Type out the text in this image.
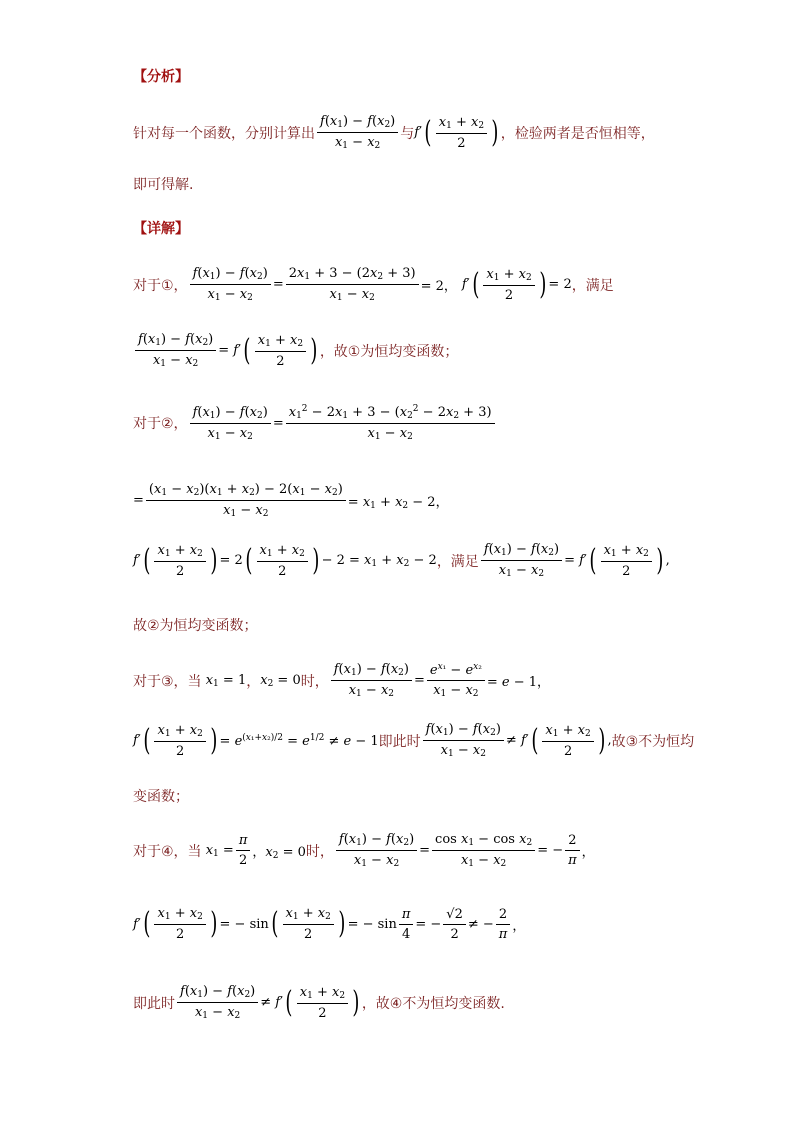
【分析】
针对每一个函数，分别计算出 $\frac{f(x_1) - f(x_2)}{x_1 - x_2}$ 与 f′ ( $\frac{x_1 + x_2}{2}$ ) ，检验两者是否恒相等，
即可得解.
【详解】
对于①， $\frac{f(x_1) - f(x_2)}{x_1 - x_2} = \frac{2x_1 + 3 - (2x_2 + 3)}{x_1 - x_2} = 2$， f′ ( $\frac{x_1 + x_2}{2}$ ) = 2 ，满足
$\frac{f(x_1) - f(x_2)}{x_1 - x_2} = f'$ ( $\frac{x_1 + x_2}{2}$ ) ，故①为恒均变函数；
对于②， $\frac{f(x_1) - f(x_2)}{x_1 - x_2} = \frac{x_1^2 - 2x_1 + 3 - (x_2^2 - 2x_2 + 3)}{x_1 - x_2}$
= $\frac{(x_1 - x_2)(x_1 + x_2) - 2(x_1 - x_2)}{x_1 - x_2} = x_1 + x_2 - 2$，
f′ ( $\frac{x_1 + x_2}{2}$ ) = 2 ( $\frac{x_1 + x_2}{2}$ ) − $2 = x_1 + x_2 - 2$ ，满足 $\frac{f(x_1) - f(x_2)}{x_1 - x_2} = f'$ ( $\frac{x_1 + x_2}{2}$ ) ,
故②为恒均变函数；
对于③，当 $x_1 = 1$ ， $x_2 = 0$ 时， $\frac{f(x_1) - f(x_2)}{x_1 - x_2} = \frac{e^{x_1} - e^{x_2}}{x_1 - x_2} = e - 1$，
f′ ( $\frac{x_1 + x_2}{2}$ ) = $e^{(x_1+x_2)/2} = e^{1/2} \ne e - 1$ 即此时 $\frac{f(x_1) - f(x_2)}{x_1 - x_2} \ne f'$ ( $\frac{x_1 + x_2}{2}$ ) , 故③不为恒均
变函数；
对于④，当 $x_1 = \frac{\pi}{2}$ ，$x_2 = 0$ 时， $\frac{f(x_1) - f(x_2)}{x_1 - x_2} = \frac{\cos x_1 - \cos x_2}{x_1 - x_2}$ = − $\frac{2}{\pi}$ ，
f′ ( $\frac{x_1 + x_2}{2}$ ) = − sin ( $\frac{x_1 + x_2}{2}$ ) = − $\sin \frac{\pi}{4}$ = − $\frac{√2}{2}$ ≠ − $\frac{2}{\pi}$ ，
即此时 $\frac{f(x_1) - f(x_2)}{x_1 - x_2} \ne f'$ ( $\frac{x_1 + x_2}{2}$ ) ，故④不为恒均变函数.
